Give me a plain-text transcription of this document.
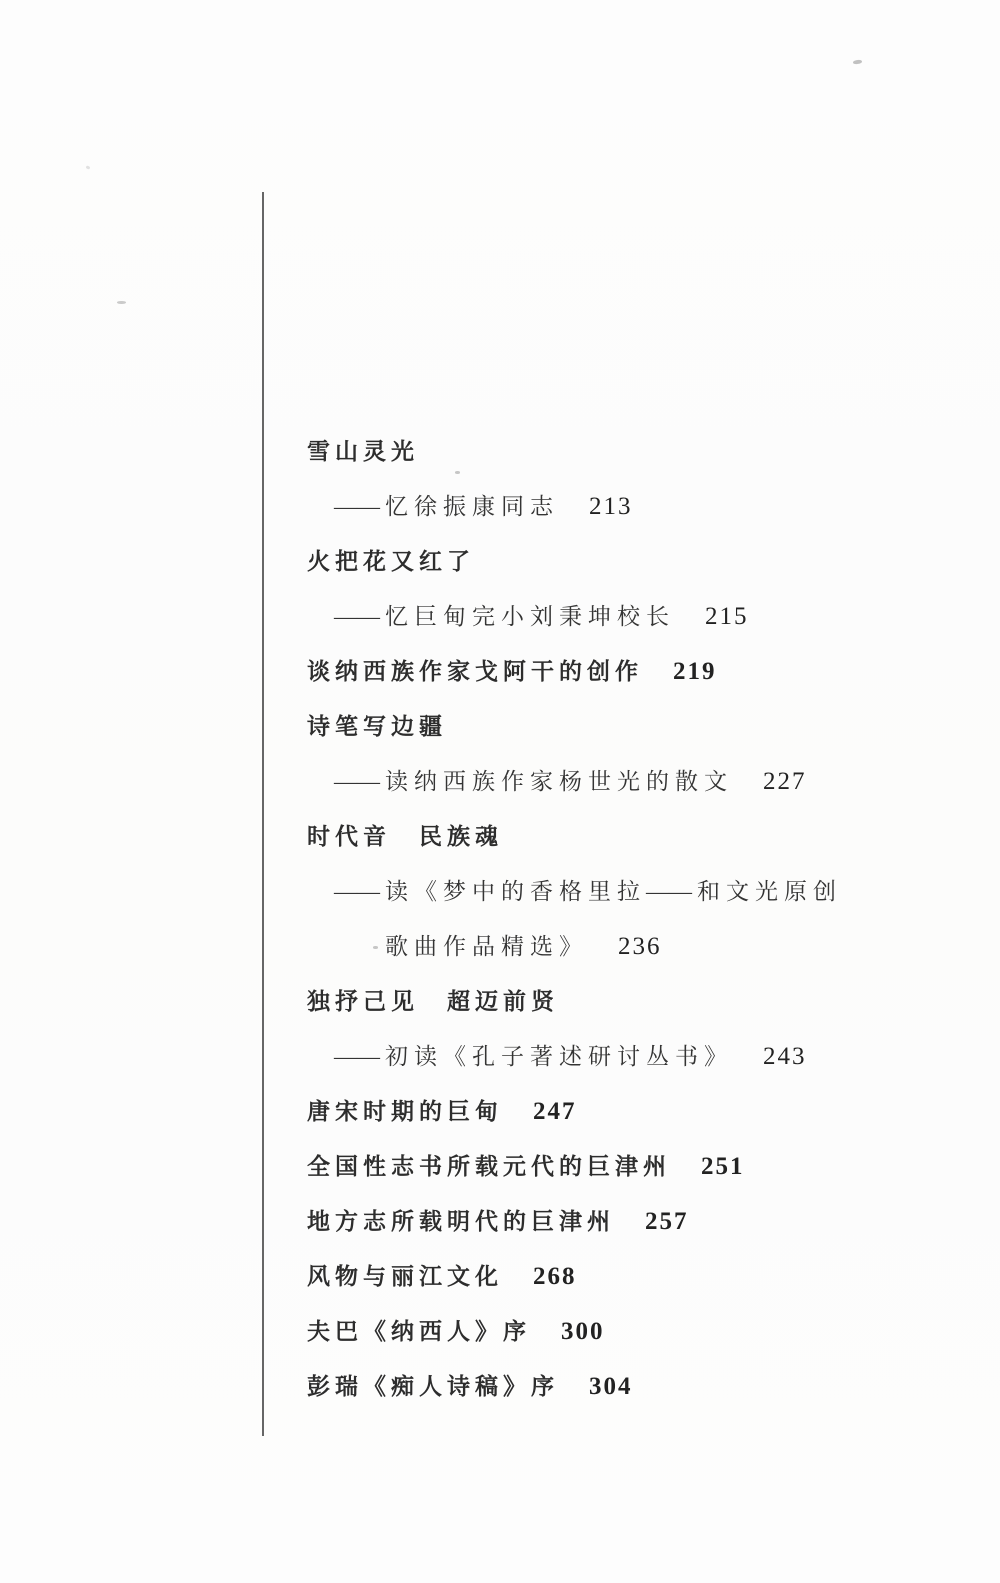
雪山灵光
—— 忆徐振康同志 213
火把花又红了
—— 忆巨甸完小刘秉坤校长 215
谈纳西族作家戈阿干的创作 219
诗笔写边疆
—— 读纳西族作家杨世光的散文 227
时代音　民族魂
—— 读《梦中的香格里拉—— 和文光原创
歌曲作品精选》 236
独抒己见　超迈前贤
—— 初读《孔子著述研讨丛书》 243
唐宋时期的巨甸 247
全国性志书所载元代的巨津州 251
地方志所载明代的巨津州 257
风物与丽江文化 268
夫巴《纳西人》序 300
彭瑞《痴人诗稿》序 304
